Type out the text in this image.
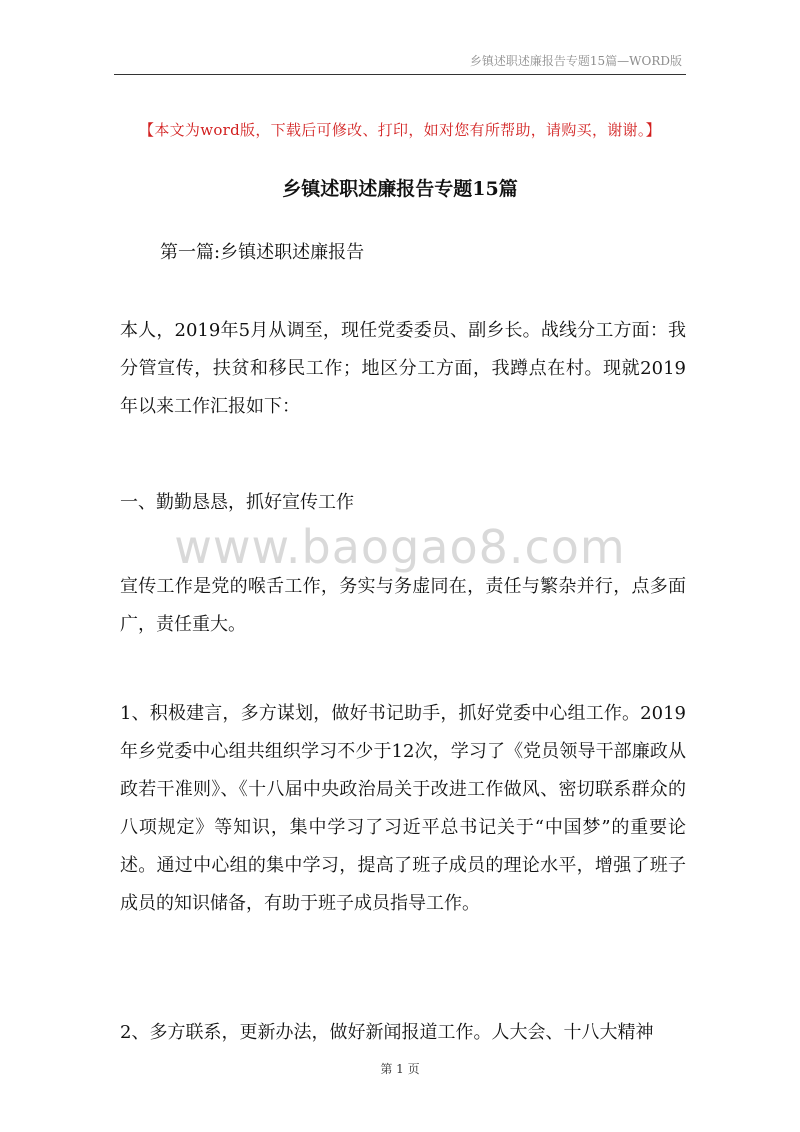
乡镇述职述廉报告专题15篇—WORD版
【本文为word版，下载后可修改、打印，如对您有所帮助，请购买，谢谢。】
乡镇述职述廉报告专题15篇
第一篇:乡镇述职述廉报告
本人，2019年5月从调至，现任党委委员、副乡长。战线分工方面：我分管宣传，扶贫和移民工作；地区分工方面，我蹲点在村。现就2019年以来工作汇报如下：
一、勤勤恳恳，抓好宣传工作
宣传工作是党的喉舌工作，务实与务虚同在，责任与繁杂并行，点多面广，责任重大。
1、积极建言，多方谋划，做好书记助手，抓好党委中心组工作。2019年乡党委中心组共组织学习不少于12次，学习了《党员领导干部廉政从政若干准则》、《十八届中央政治局关于改进工作做风、密切联系群众的八项规定》等知识，集中学习了习近平总书记关于“中国梦”的重要论述。通过中心组的集中学习，提高了班子成员的理论水平，增强了班子成员的知识储备，有助于班子成员指导工作。
2、多方联系，更新办法，做好新闻报道工作。人大会、十八大精神
www.baogao8.com
第 1 页
